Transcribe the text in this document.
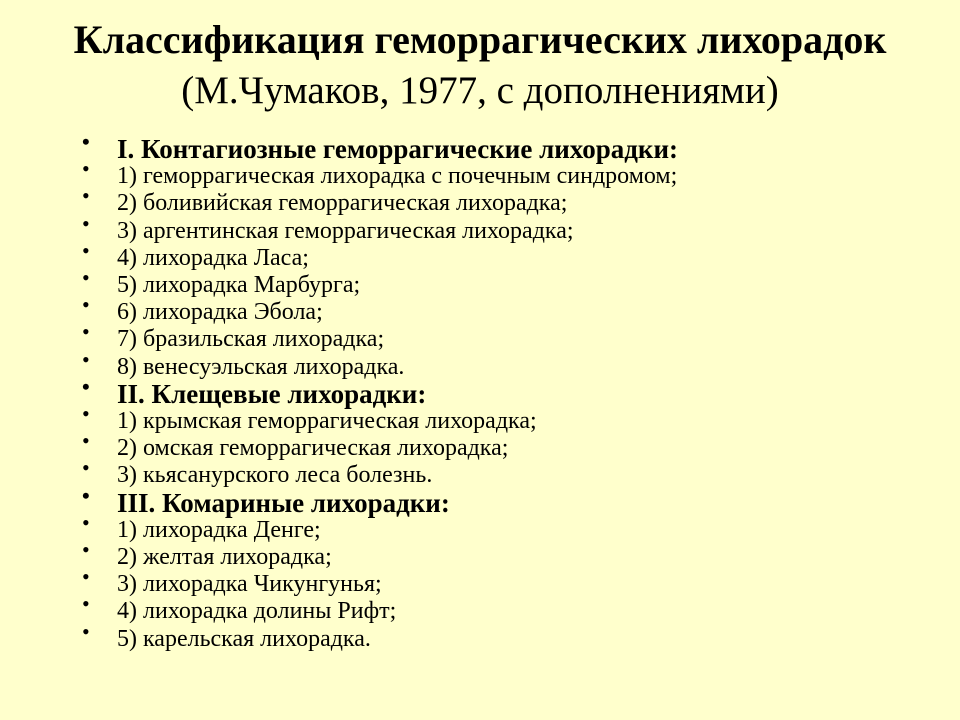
Классификация геморрагических лихорадок
(М.Чумаков, 1977, с дополнениями)
• I. Контагиозные геморрагические лихорадки:
• 1) геморрагическая лихорадка с почечным синдромом;
• 2) боливийская геморрагическая лихорадка;
• 3) аргентинская геморрагическая лихорадка;
• 4) лихорадка Ласа;
• 5) лихорадка Марбурга;
• 6) лихорадка Эбола;
• 7) бразильская лихорадка;
• 8) венесуэльская лихорадка.
• II. Клещевые лихорадки:
• 1) крымская геморрагическая лихорадка;
• 2) омская геморрагическая лихорадка;
• 3) кьясанурского леса болезнь.
• III. Комариные лихорадки:
• 1) лихорадка Денге;
• 2) желтая лихорадка;
• 3) лихорадка Чикунгунья;
• 4) лихорадка долины Рифт;
• 5) карельская лихорадка.
